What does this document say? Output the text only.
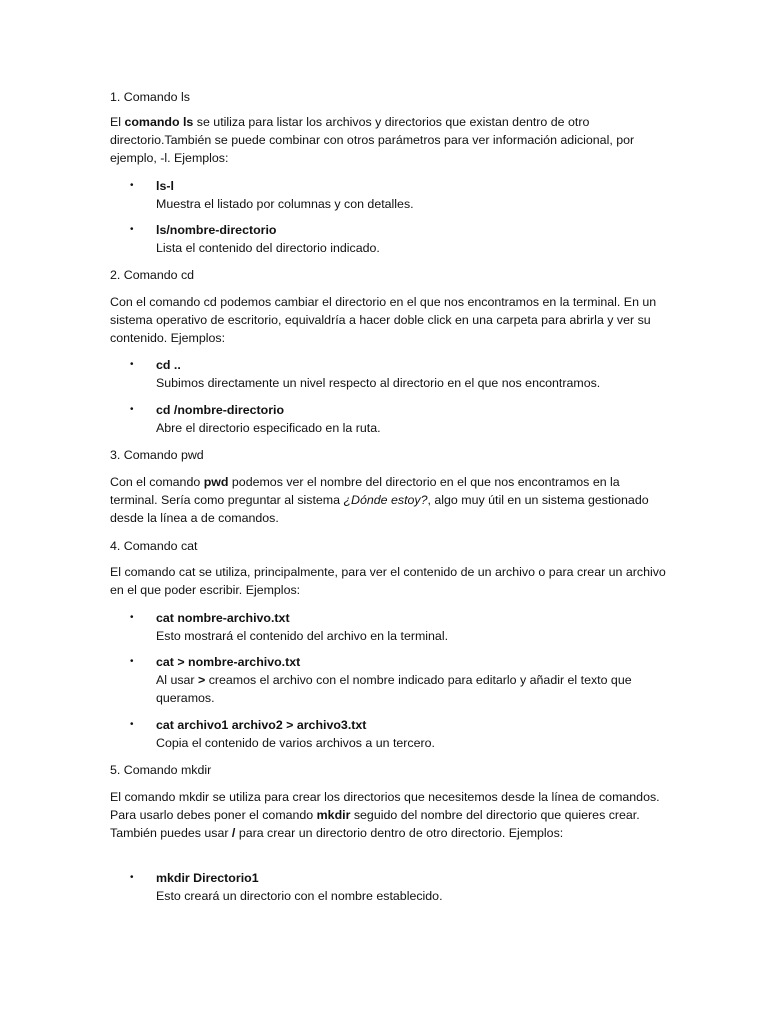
1. Comando ls

El comando ls se utiliza para listar los archivos y directorios que existan dentro de otro directorio.También se puede combinar con otros parámetros para ver información adicional, por ejemplo, -l. Ejemplos:

• ls-l
Muestra el listado por columnas y con detalles.
• ls/nombre-directorio
Lista el contenido del directorio indicado.

2. Comando cd

Con el comando cd podemos cambiar el directorio en el que nos encontramos en la terminal. En un sistema operativo de escritorio, equivaldría a hacer doble click en una carpeta para abrirla y ver su contenido. Ejemplos:

• cd ..
Subimos directamente un nivel respecto al directorio en el que nos encontramos.
• cd /nombre-directorio
Abre el directorio especificado en la ruta.

3. Comando pwd

Con el comando pwd podemos ver el nombre del directorio en el que nos encontramos en la terminal. Sería como preguntar al sistema ¿Dónde estoy?, algo muy útil en un sistema gestionado desde la línea a de comandos.

4. Comando cat

El comando cat se utiliza, principalmente, para ver el contenido de un archivo o para crear un archivo en el que poder escribir. Ejemplos:

• cat nombre-archivo.txt
Esto mostrará el contenido del archivo en la terminal.
• cat > nombre-archivo.txt
Al usar > creamos el archivo con el nombre indicado para editarlo y añadir el texto que queramos.
• cat archivo1 archivo2 > archivo3.txt
Copia el contenido de varios archivos a un tercero.

5. Comando mkdir

El comando mkdir se utiliza para crear los directorios que necesitemos desde la línea de comandos. Para usarlo debes poner el comando mkdir seguido del nombre del directorio que quieres crear. También puedes usar / para crear un directorio dentro de otro directorio. Ejemplos:

• mkdir Directorio1
Esto creará un directorio con el nombre establecido.
